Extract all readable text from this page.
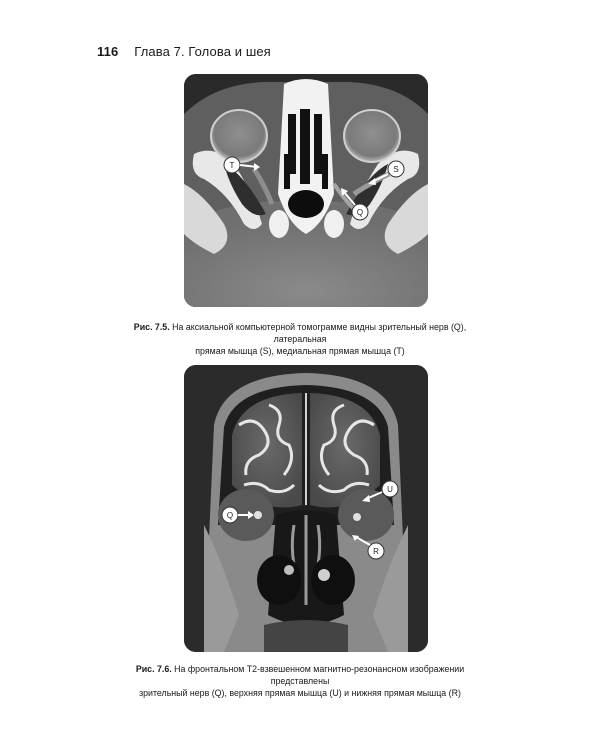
116 Глава 7. Голова и шея
T	S
Q
Рис. 7.5. На аксиальной компьютерной томограмме видны зрительный нерв (Q), латеральная
прямая мышца (S), медиальная прямая мышца (T)
U
Q
R
Рис. 7.6. На фронтальном Т2-взвешенном магнитно-резонансном изображении представлены
зрительный нерв (Q), верхняя прямая мышца (U) и нижняя прямая мышца (R)
